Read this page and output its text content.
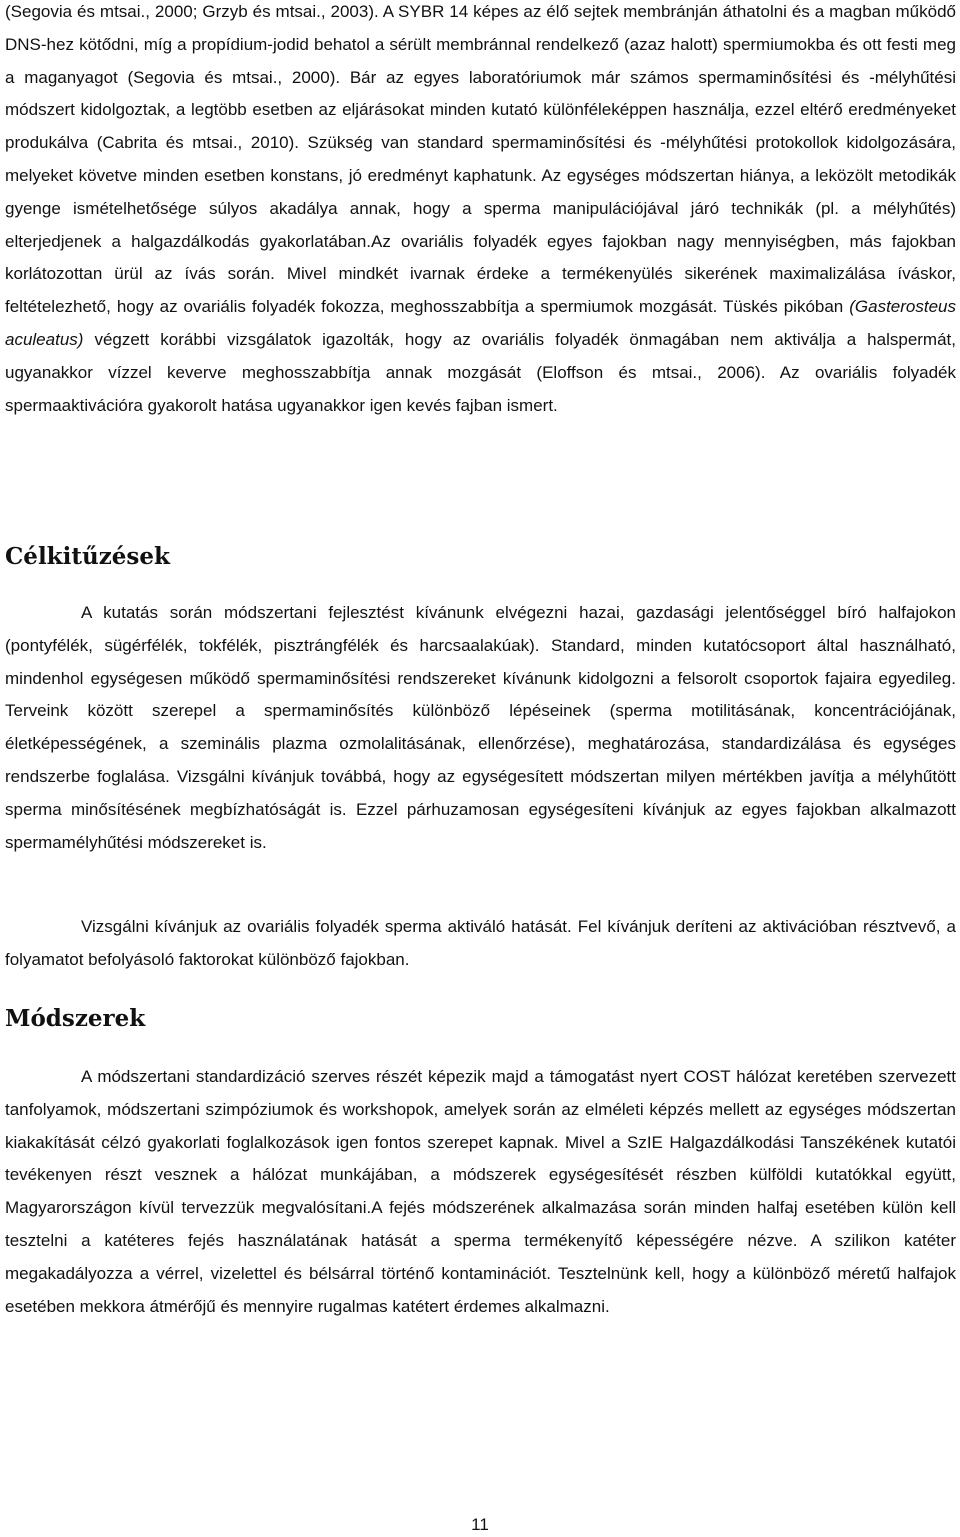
(Segovia és mtsai., 2000; Grzyb és mtsai., 2003). A SYBR 14 képes az élő sejtek membránján áthatolni és a magban működő DNS-hez kötődni, míg a propídium-jodid behatol a sérült membránnal rendelkező (azaz halott) spermiumokba és ott festi meg a maganyagot (Segovia és mtsai., 2000). Bár az egyes laboratóriumok már számos spermaminősítési és -mélyhűtési módszert kidolgoztak, a legtöbb esetben az eljárásokat minden kutató különféleképpen használja, ezzel eltérő eredményeket produkálva (Cabrita és mtsai., 2010). Szükség van standard spermaminősítési és -mélyhűtési protokollok kidolgozására, melyeket követve minden esetben konstans, jó eredményt kaphatunk. Az egységes módszertan hiánya, a leközölt metodikák gyenge ismételhetősége súlyos akadálya annak, hogy a sperma manipulációjával járó technikák (pl. a mélyhűtés) elterjedjenek a halgazdálkodás gyakorlatában.Az ovariális folyadék egyes fajokban nagy mennyiségben, más fajokban korlátozottan ürül az ívás során. Mivel mindkét ivarnak érdeke a termékenyülés sikerének maximalizálása íváskor, feltételezhető, hogy az ovariális folyadék fokozza, meghosszabbítja a spermiumok mozgását. Tüskés pikóban (Gasterosteus aculeatus) végzett korábbi vizsgálatok igazolták, hogy az ovariális folyadék önmagában nem aktiválja a halspermát, ugyanakkor vízzel keverve meghosszabbítja annak mozgását (Eloffson és mtsai., 2006). Az ovariális folyadék spermaaktivációra gyakorolt hatása ugyanakkor igen kevés fajban ismert.

Célkitűzések

A kutatás során módszertani fejlesztést kívánunk elvégezni hazai, gazdasági jelentőséggel bíró halfajokon (pontyfélék, sügérfélék, tokfélék, pisztrángfélék és harcsaalakúak). Standard, minden kutatócsoport által használható, mindenhol egységesen működő spermaminősítési rendszereket kívánunk kidolgozni a felsorolt csoportok fajaira egyedileg. Terveink között szerepel a spermaminősítés különböző lépéseinek (sperma motilitásának, koncentrációjának, életképességének, a szeminális plazma ozmolalitásának, ellenőrzése), meghatározása, standardizálása és egységes rendszerbe foglalása. Vizsgálni kívánjuk továbbá, hogy az egységesített módszertan milyen mértékben javítja a mélyhűtött sperma minősítésének megbízhatóságát is. Ezzel párhuzamosan egységesíteni kívánjuk az egyes fajokban alkalmazott spermamélyhűtési módszereket is.

Vizsgálni kívánjuk az ovariális folyadék sperma aktiváló hatását. Fel kívánjuk deríteni az aktivációban résztvevő, a folyamatot befolyásoló faktorokat különböző fajokban.

Módszerek

A módszertani standardizáció szerves részét képezik majd a támogatást nyert COST hálózat keretében szervezett tanfolyamok, módszertani szimpóziumok és workshopok, amelyek során az elméleti képzés mellett az egységes módszertan kiakakítását célzó gyakorlati foglalkozások igen fontos szerepet kapnak. Mivel a SzIE Halgazdálkodási Tanszékének kutatói tevékenyen részt vesznek a hálózat munkájában, a módszerek egységesítését részben külföldi kutatókkal együtt, Magyarországon kívül tervezzük megvalósítani.A fejés módszerének alkalmazása során minden halfaj esetében külön kell tesztelni a katéteres fejés használatának hatását a sperma termékenyítő képességére nézve. A szilikon katéter megakadályozza a vérrel, vizelettel és bélsárral történő kontaminációt. Tesztelnünk kell, hogy a különböző méretű halfajok esetében mekkora átmérőjű és mennyire rugalmas katétert érdemes alkalmazni.

11
